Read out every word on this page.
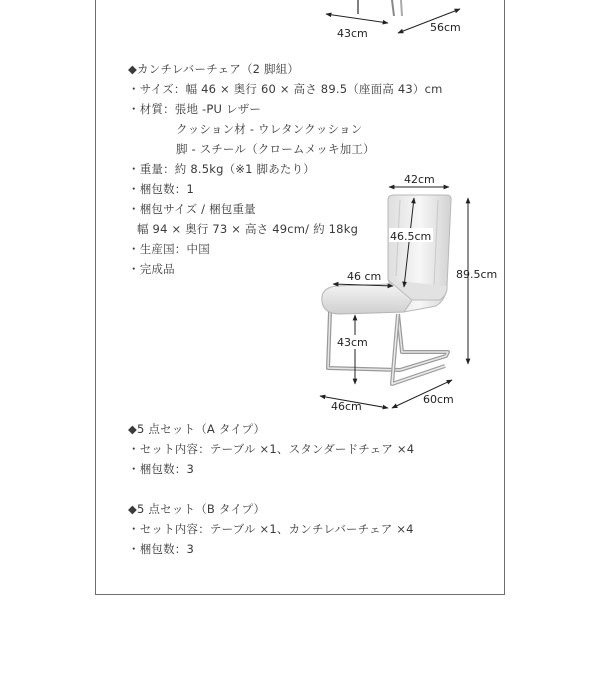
43cm	56cm
◆カンチレバーチェア（2 脚組）
・サイズ：幅 46 × 奥行 60 × 高さ 89.5（座面高 43）cm
・材質：張地 -PU レザー
クッション材 - ウレタンクッション
脚 - スチール（クロームメッキ加工）
・重量：約 8.5kg（※1 脚あたり）
・梱包数：1
・梱包サイズ / 梱包重量
幅 94 × 奥行 73 × 高さ 49cm/ 約 18kg
・生産国：中国
・完成品
42cm
46.5cm
46 cm	89.5cm
43cm
46cm
60cm
◆5 点セット（A タイプ）
・セット内容：テーブル ×1、スタンダードチェア ×4
・梱包数：3
◆5 点セット（B タイプ）
・セット内容：テーブル ×1、カンチレバーチェア ×4
・梱包数：3
